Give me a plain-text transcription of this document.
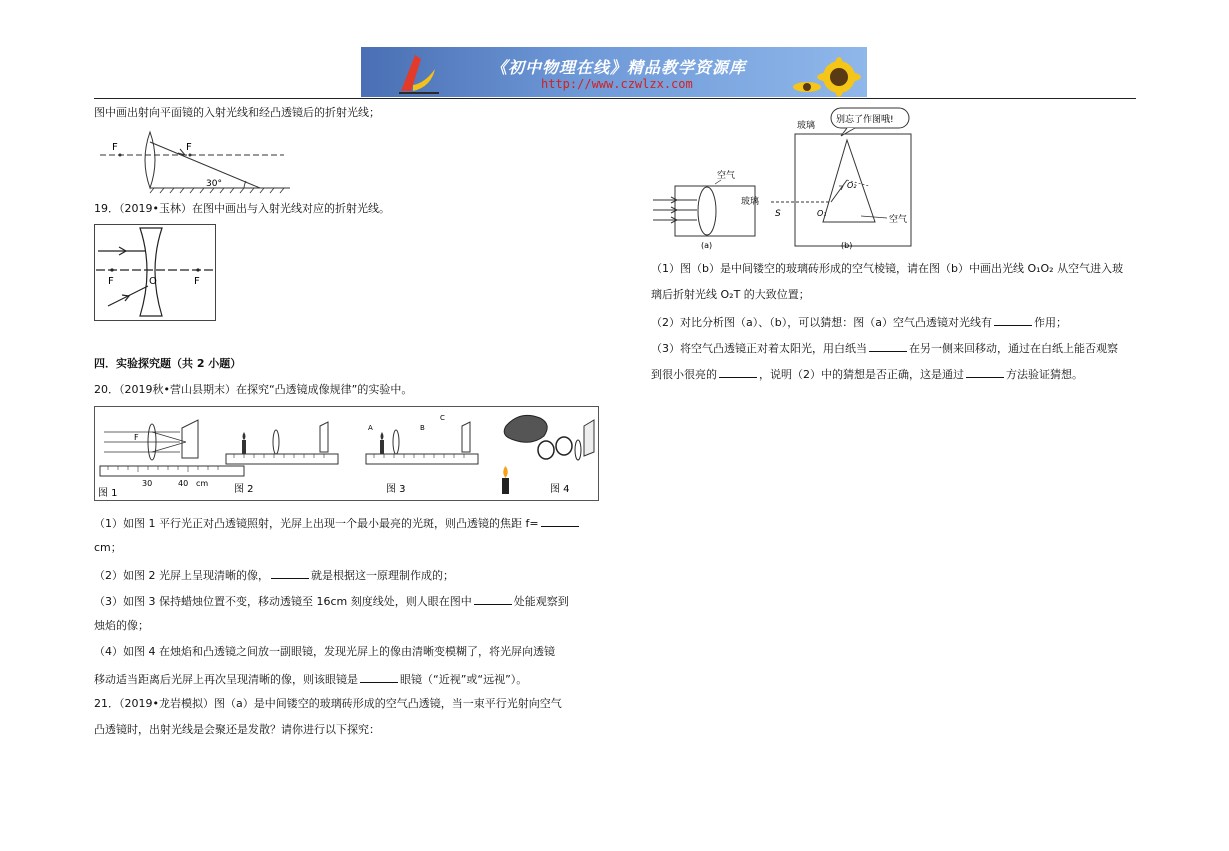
《初中物理在线》精品教学资源库
http://www.czwlzx.com
图中画出射向平面镜的入射光线和经凸透镜后的折射光线；
F	F
30°
19．（2019•玉林）在图中画出与入射光线对应的折射光线。
F	O	F
四．实验探究题（共 2 小题）
20．（2019秋•营山县期末）在探究“凸透镜成像规律”的实验中。
30	40 cm
F
图 1	图 2
A	B
C
图 3	图 4
（1）如图 1 平行光正对凸透镜照射，光屏上出现一个最小最亮的光斑，则凸透镜的焦距 f=
cm；
（2）如图 2 光屏上呈现清晰的像，	就是根据这一原理制作成的；
（3）如图 3 保持蜡烛位置不变，移动透镜至 16cm 刻度线处，则人眼在图中	处能观察到
烛焰的像；
（4）如图 4 在烛焰和凸透镜之间放一副眼镜，发现光屏上的像由清晰变模糊了，将光屏向透镜
移动适当距离后光屏上再次呈现清晰的像，则该眼镜是	眼镜（“近视”或“远视”）。
21．（2019•龙岩模拟）图（a）是中间镂空的玻璃砖形成的空气凸透镜，当一束平行光射向空气
凸透镜时，出射光线是会聚还是发散？请你进行以下探究：
空气
玻璃
(a)
别忘了作图哦!
玻璃
空气
S	O₁
O₂
(b)
（1）图（b）是中间镂空的玻璃砖形成的空气棱镜，请在图（b）中画出光线 O₁O₂ 从空气进入玻
璃后折射光线 O₂T 的大致位置；
（2）对比分析图（a）、（b），可以猜想：图（a）空气凸透镜对光线有	作用；
（3）将空气凸透镜正对着太阳光，用白纸当	在另一侧来回移动，通过在白纸上能否观察
到很小很亮的	，说明（2）中的猜想是否正确，这是通过	方法验证猜想。
